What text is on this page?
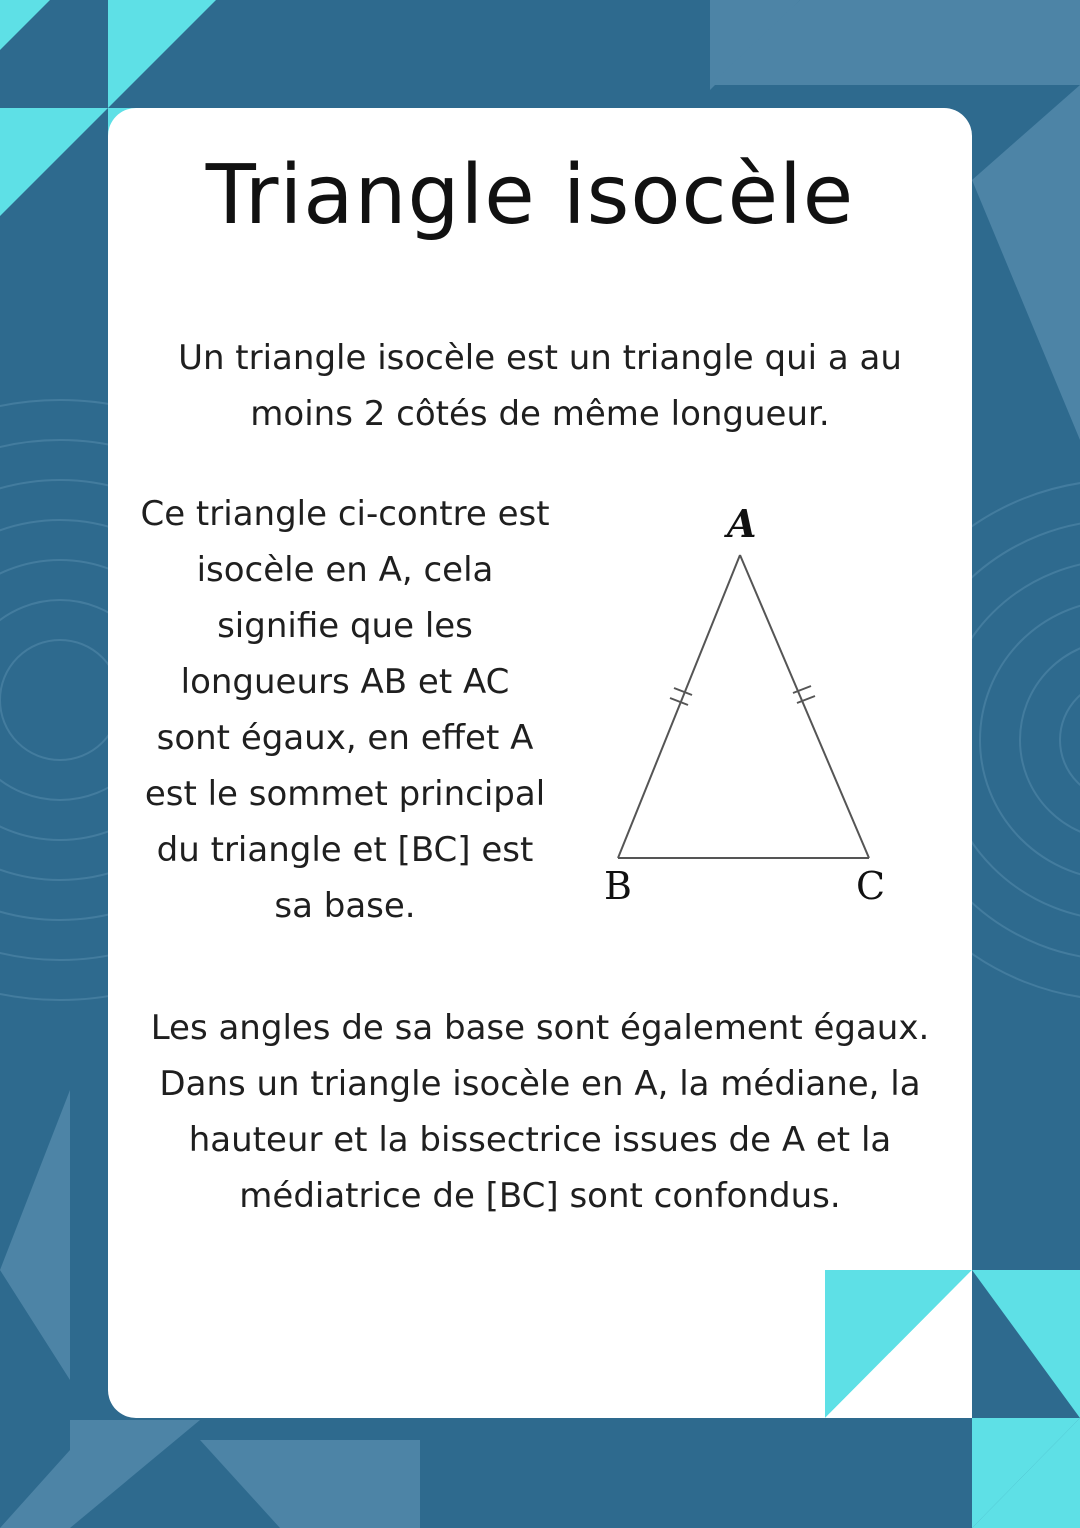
Triangle isocèle
Un triangle isocèle est un triangle qui a au
moins 2 côtés de même longueur.
Ce triangle ci-contre est
isocèle en A, cela
signifie que les
longueurs AB et AC
sont égaux, en effet A
est le sommet principal
du triangle et [BC] est
sa base.
A
B	C
Les angles de sa base sont également égaux.
Dans un triangle isocèle en A, la médiane, la
hauteur et la bissectrice issues de A et la
médiatrice de [BC] sont confondus.
